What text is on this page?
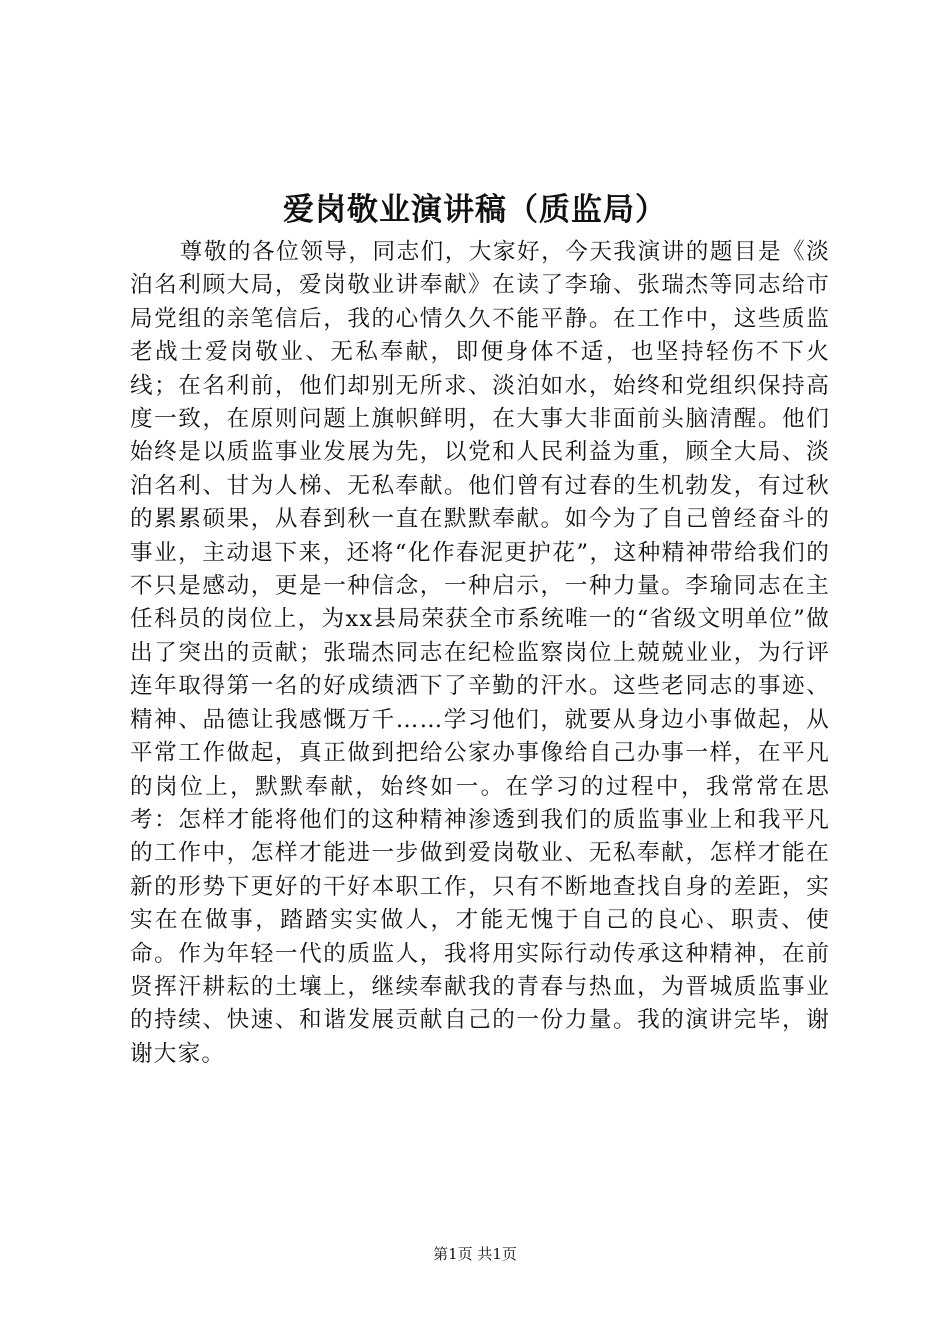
爱岗敬业演讲稿（质监局）

尊敬的各位领导，同志们，大家好，今天我演讲的题目是《淡泊名利顾大局，爱岗敬业讲奉献》在读了李瑜、张瑞杰等同志给市局党组的亲笔信后，我的心情久久不能平静。在工作中，这些质监老战士爱岗敬业、无私奉献，即便身体不适，也坚持轻伤不下火线；在名利前，他们却别无所求、淡泊如水，始终和党组织保持高度一致，在原则问题上旗帜鲜明，在大事大非面前头脑清醒。他们始终是以质监事业发展为先，以党和人民利益为重，顾全大局、淡泊名利、甘为人梯、无私奉献。他们曾有过春的生机勃发，有过秋的累累硕果，从春到秋一直在默默奉献。如今为了自己曾经奋斗的事业，主动退下来，还将“化作春泥更护花”，这种精神带给我们的不只是感动，更是一种信念，一种启示，一种力量。李瑜同志在主任科员的岗位上，为xx县局荣获全市系统唯一的“省级文明单位”做出了突出的贡献；张瑞杰同志在纪检监察岗位上兢兢业业，为行评连年取得第一名的好成绩洒下了辛勤的汗水。这些老同志的事迹、精神、品德让我感慨万千……学习他们，就要从身边小事做起，从平常工作做起，真正做到把给公家办事像给自己办事一样，在平凡的岗位上，默默奉献，始终如一。在学习的过程中，我常常在思考：怎样才能将他们的这种精神渗透到我们的质监事业上和我平凡的工作中，怎样才能进一步做到爱岗敬业、无私奉献，怎样才能在新的形势下更好的干好本职工作，只有不断地查找自身的差距，实实在在做事，踏踏实实做人，才能无愧于自己的良心、职责、使命。作为年轻一代的质监人，我将用实际行动传承这种精神，在前贤挥汗耕耘的土壤上，继续奉献我的青春与热血，为晋城质监事业的持续、快速、和谐发展贡献自己的一份力量。我的演讲完毕，谢谢大家。

第1页 共1页
